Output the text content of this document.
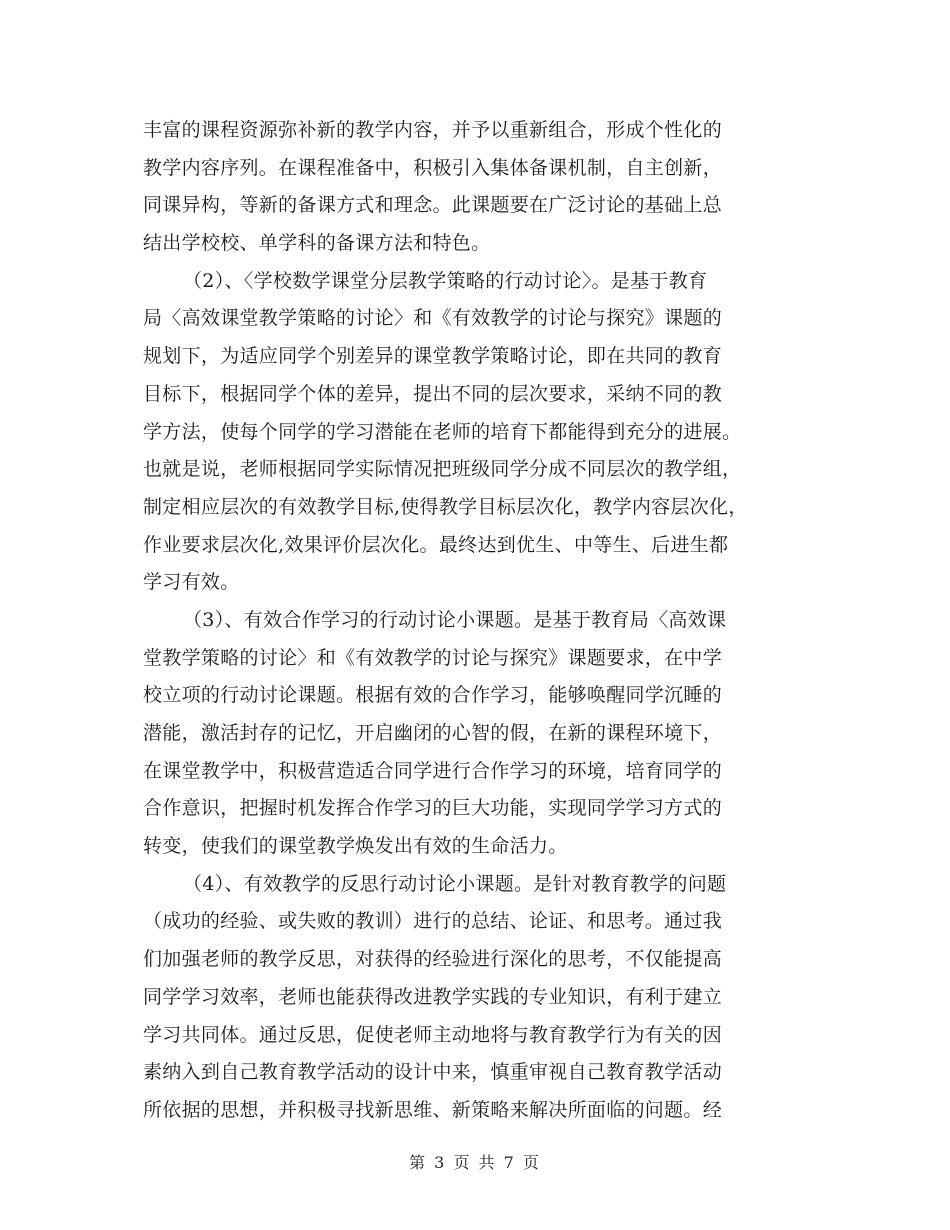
丰富的课程资源弥补新的教学内容，并予以重新组合，形成个性化的
教学内容序列。在课程准备中，积极引入集体备课机制，自主创新，
同课异构，等新的备课方式和理念。此课题要在广泛讨论的基础上总
结出学校校、单学科的备课方法和特色。
（2）、〈学校数学课堂分层教学策略的行动讨论〉。是基于教育
局〈高效课堂教学策略的讨论〉和《有效教学的讨论与探究》课题的
规划下，为适应同学个别差异的课堂教学策略讨论，即在共同的教育
目标下，根据同学个体的差异，提出不同的层次要求，采纳不同的教
学方法，使每个同学的学习潜能在老师的培育下都能得到充分的进展。
也就是说，老师根据同学实际情况把班级同学分成不同层次的教学组，
制定相应层次的有效教学目标,使得教学目标层次化，教学内容层次化，
作业要求层次化,效果评价层次化。最终达到优生、中等生、后进生都
学习有效。
（3）、有效合作学习的行动讨论小课题。是基于教育局〈高效课
堂教学策略的讨论〉和《有效教学的讨论与探究》课题要求，在中学
校立项的行动讨论课题。根据有效的合作学习，能够唤醒同学沉睡的
潜能，激活封存的记忆，开启幽闭的心智的假，在新的课程环境下，
在课堂教学中，积极营造适合同学进行合作学习的环境，培育同学的
合作意识，把握时机发挥合作学习的巨大功能，实现同学学习方式的
转变，使我们的课堂教学焕发出有效的生命活力。
（4）、有效教学的反思行动讨论小课题。是针对教育教学的问题
（成功的经验、或失败的教训）进行的总结、论证、和思考。通过我
们加强老师的教学反思，对获得的经验进行深化的思考，不仅能提高
同学学习效率，老师也能获得改进教学实践的专业知识，有利于建立
学习共同体。通过反思，促使老师主动地将与教育教学行为有关的因
素纳入到自己教育教学活动的设计中来，慎重审视自己教育教学活动
所依据的思想，并积极寻找新思维、新策略来解决所面临的问题。经
第 3 页 共 7 页
